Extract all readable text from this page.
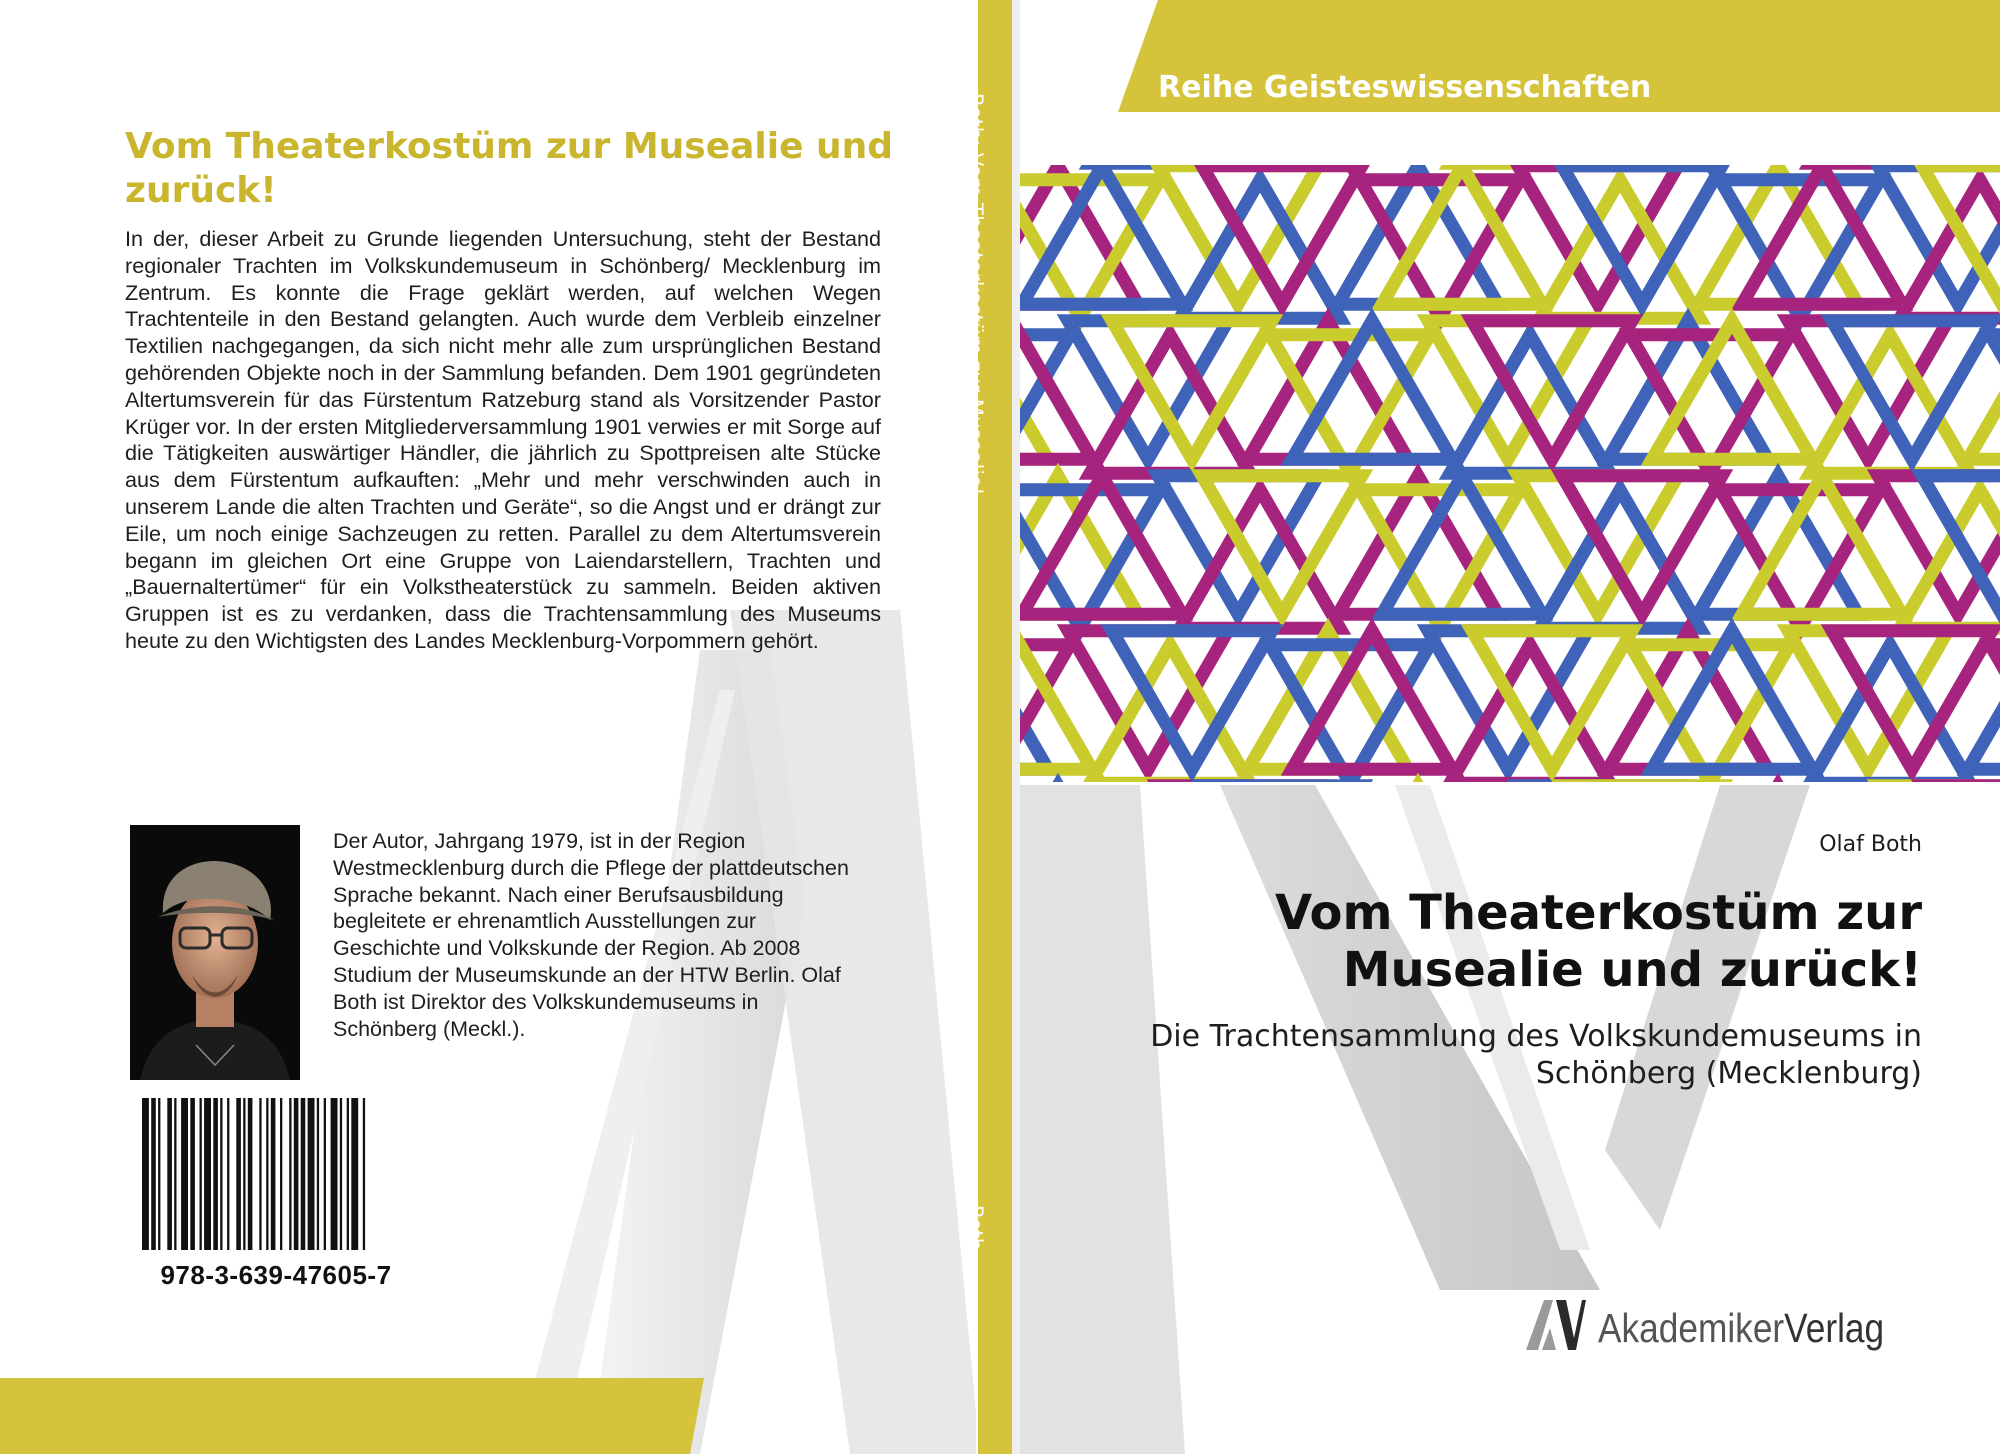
Vom Theaterkostüm zur Musealie und zurück!

In der, dieser Arbeit zu Grunde liegenden Untersuchung, steht der Bestand regionaler Trachten im Volkskundemuseum in Schönberg/ Mecklenburg im Zentrum. Es konnte die Frage geklärt werden, auf welchen Wegen Trachtenteile in den Bestand gelangten. Auch wurde dem Verbleib einzelner Textilien nachgegangen, da sich nicht mehr alle zum ursprünglichen Bestand gehörenden Objekte noch in der Sammlung befanden. Dem 1901 gegründeten Altertumsverein für das Fürstentum Ratzeburg stand als Vorsitzender Pastor Krüger vor. In der ersten Mitgliederversammlung 1901 verwies er mit Sorge auf die Tätigkeiten auswärtiger Händler, die jährlich zu Spottpreisen alte Stücke aus dem Fürstentum aufkauften: „Mehr und mehr verschwinden auch in unserem Lande die alten Trachten und Geräte“, so die Angst und er drängt zur Eile, um noch einige Sachzeugen zu retten. Parallel zu dem Altertumsverein begann im gleichen Ort eine Gruppe von Laiendarstellern, Trachten und „Bauernaltertümer“ für ein Volkstheaterstück zu sammeln. Beiden aktiven Gruppen ist es zu verdanken, dass die Trachtensammlung des Museums heute zu den Wichtigsten des Landes Mecklenburg-Vorpommern gehört.

Der Autor, Jahrgang 1979, ist in der Region Westmecklenburg durch die Pflege der plattdeutschen Sprache bekannt. Nach einer Berufsausbildung begleitete er ehrenamtlich Ausstellungen zur Geschichte und Volkskunde der Region. Ab 2008 Studium der Museumskunde an der HTW Berlin. Olaf Both ist Direktor des Volkskundemuseums in Schönberg (Meckl.).

978-3-639-47605-7
Both: Vom Theaterkostüm zur Musealie!
Both
Reihe Geisteswissenschaften
Olaf Both
Vom Theaterkostüm zur Musealie und zurück!

Die Trachtensammlung des Volkskundemuseums in Schönberg (Mecklenburg)

AkademikerVerlag
